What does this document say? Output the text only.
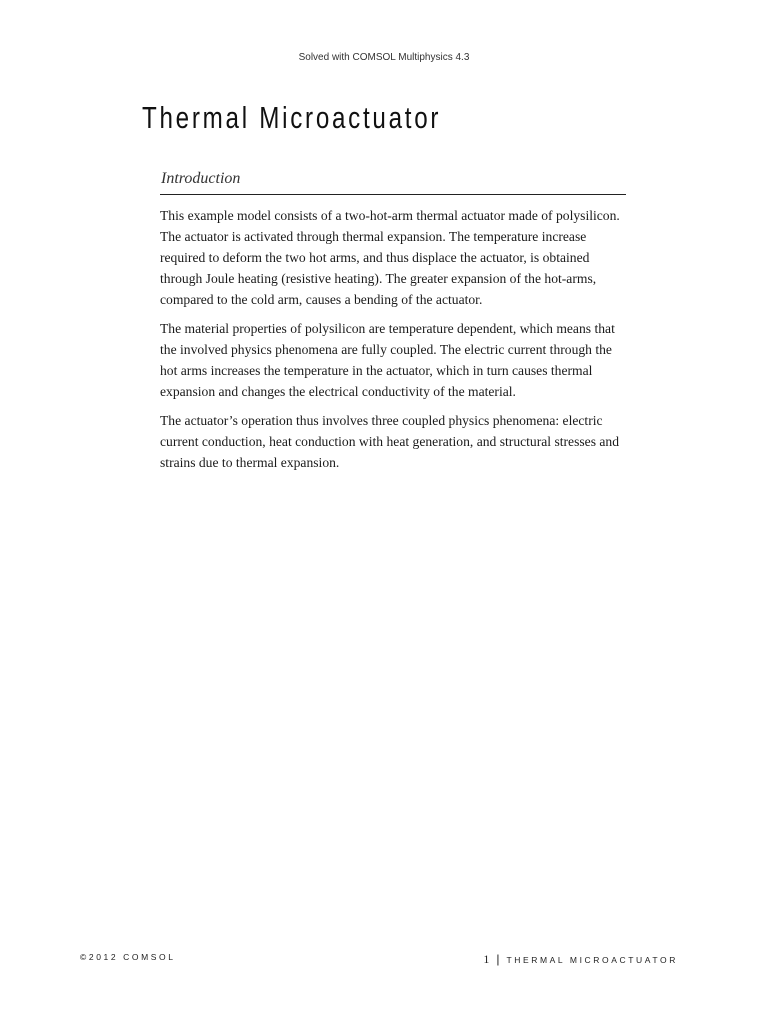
Solved with COMSOL Multiphysics 4.3
Thermal Microactuator
Introduction

This example model consists of a two-hot-arm thermal actuator made of polysilicon. The actuator is activated through thermal expansion. The temperature increase required to deform the two hot arms, and thus displace the actuator, is obtained through Joule heating (resistive heating). The greater expansion of the hot-arms, compared to the cold arm, causes a bending of the actuator.

The material properties of polysilicon are temperature dependent, which means that the involved physics phenomena are fully coupled. The electric current through the hot arms increases the temperature in the actuator, which in turn causes thermal expansion and changes the electrical conductivity of the material.

The actuator’s operation thus involves three coupled physics phenomena: electric current conduction, heat conduction with heat generation, and structural stresses and strains due to thermal expansion.

©2012 COMSOL	1 | THERMAL MICROACTUATOR
